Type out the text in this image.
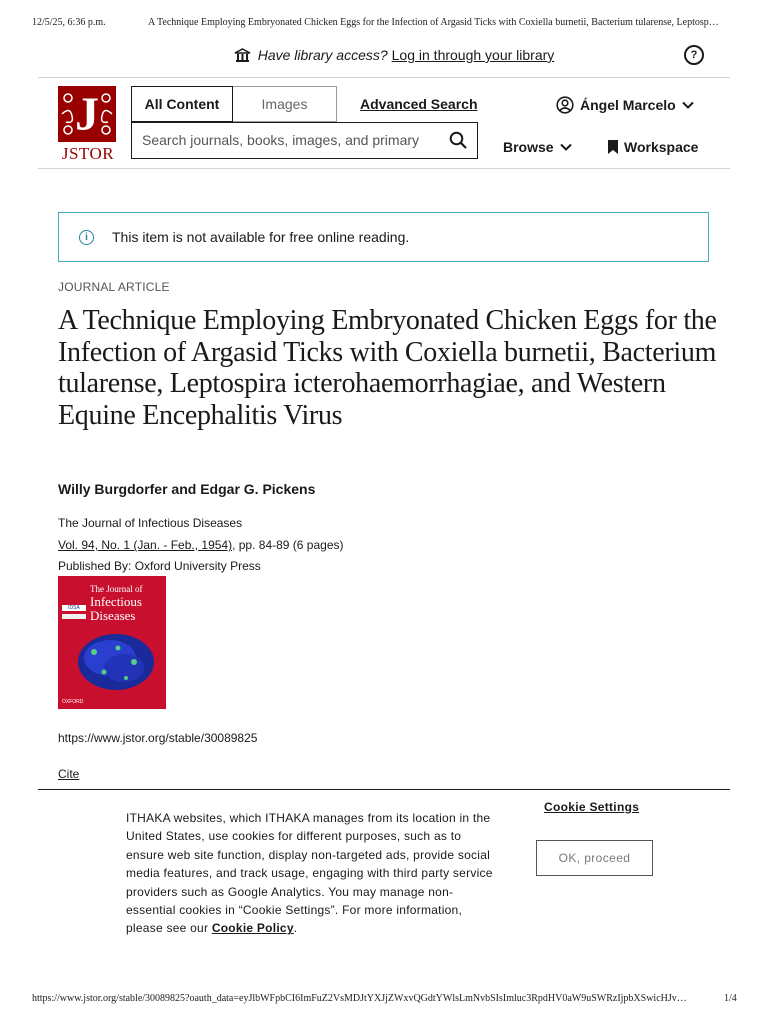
12/5/25, 6:36 p.m.	A Technique Employing Embryonated Chicken Eggs for the Infection of Argasid Ticks with Coxiella burnetii, Bacterium tularense, Leptosp…
Have library access? Log in through your library	?
J
JSTOR
All Content	Images	Advanced Search
Search journals, books, images, and primary	Ángel Marcelo
Browse	Workspace
i	This item is not available for free online reading.
JOURNAL ARTICLE
A Technique Employing Embryonated Chicken Eggs for the Infection of Argasid Ticks with Coxiella burnetii, Bacterium tularense, Leptospira icterohaemorrhagiae, and Western Equine Encephalitis Virus
Willy Burgdorfer and Edgar G. Pickens
The Journal of Infectious Diseases
Vol. 94, No. 1 (Jan. - Feb., 1954), pp. 84-89 (6 pages)
Published By: Oxford University Press
The Journal of
Infectious Diseases
IDSA
OXFORD
https://www.jstor.org/stable/30089825
Cite

ITHAKA websites, which ITHAKA manages from its location in the United States, use cookies for different purposes, such as to ensure web site function, display non-targeted ads, provide social media features, and track usage, engaging with third party service providers such as Google Analytics. You may manage non-essential cookies in “Cookie Settings”. For more information, please see our Cookie Policy.

Cookie Settings
OK, proceed
https://www.jstor.org/stable/30089825?oauth_data=eyJlbWFpbCI6ImFuZ2VsMDJtYXJjZWxvQGdtYWlsLmNvbSIsImluc3RpdHV0aW9uSWRzIjpbXSwicHJv…	1/4
